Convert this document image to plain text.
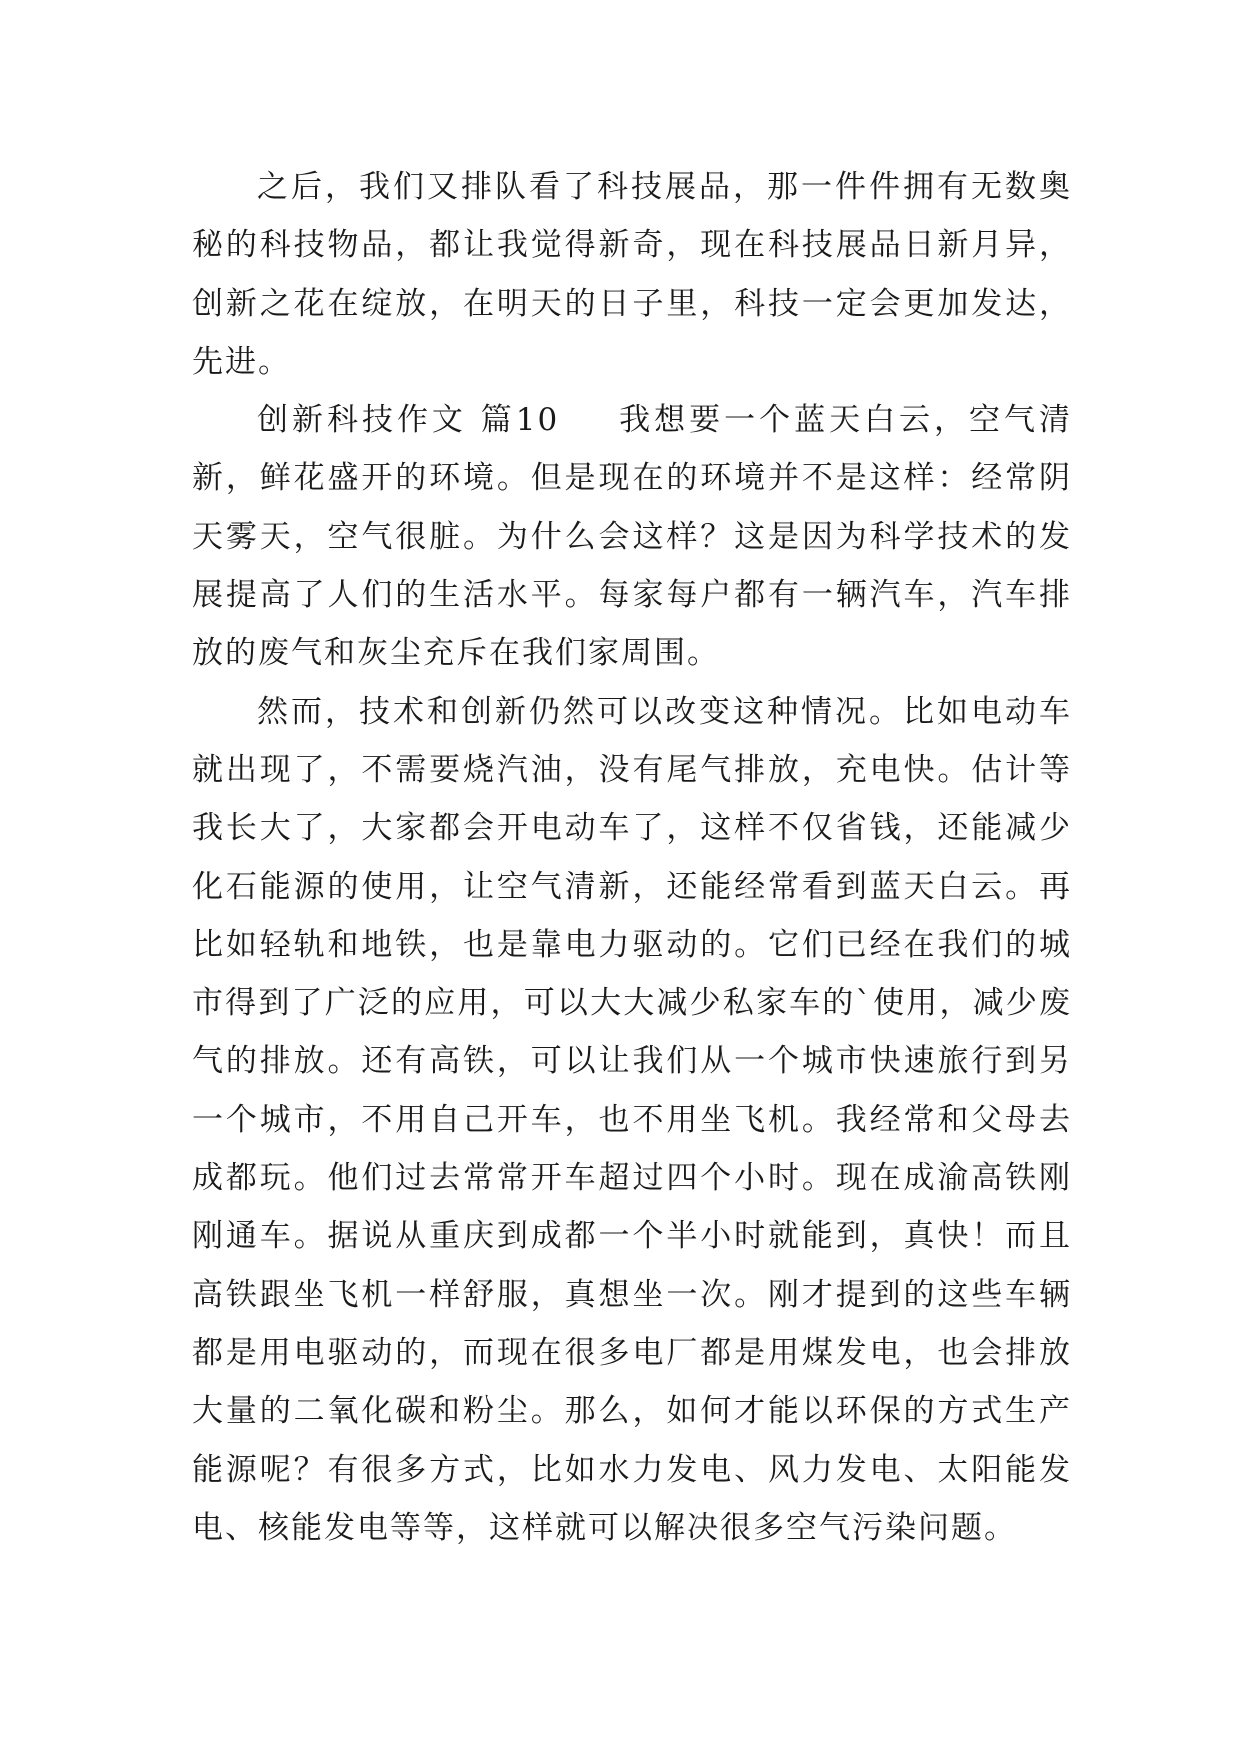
之后，我们又排队看了科技展品，那一件件拥有无数奥秘的科技物品，都让我觉得新奇，现在科技展品日新月异，创新之花在绽放，在明天的日子里，科技一定会更加发达，先进。

创新科技作文 篇10 我想要一个蓝天白云，空气清新，鲜花盛开的环境。但是现在的环境并不是这样：经常阴天雾天，空气很脏。为什么会这样？这是因为科学技术的发展提高了人们的生活水平。每家每户都有一辆汽车，汽车排放的废气和灰尘充斥在我们家周围。

然而，技术和创新仍然可以改变这种情况。比如电动车就出现了，不需要烧汽油，没有尾气排放，充电快。估计等我长大了，大家都会开电动车了，这样不仅省钱，还能减少化石能源的使用，让空气清新，还能经常看到蓝天白云。再比如轻轨和地铁，也是靠电力驱动的。它们已经在我们的城市得到了广泛的应用，可以大大减少私家车的`使用，减少废气的排放。还有高铁，可以让我们从一个城市快速旅行到另一个城市，不用自己开车，也不用坐飞机。我经常和父母去成都玩。他们过去常常开车超过四个小时。现在成渝高铁刚刚通车。据说从重庆到成都一个半小时就能到，真快！而且高铁跟坐飞机一样舒服，真想坐一次。刚才提到的这些车辆都是用电驱动的，而现在很多电厂都是用煤发电，也会排放大量的二氧化碳和粉尘。那么，如何才能以环保的方式生产能源呢？有很多方式，比如水力发电、风力发电、太阳能发电、核能发电等等，这样就可以解决很多空气污染问题。
